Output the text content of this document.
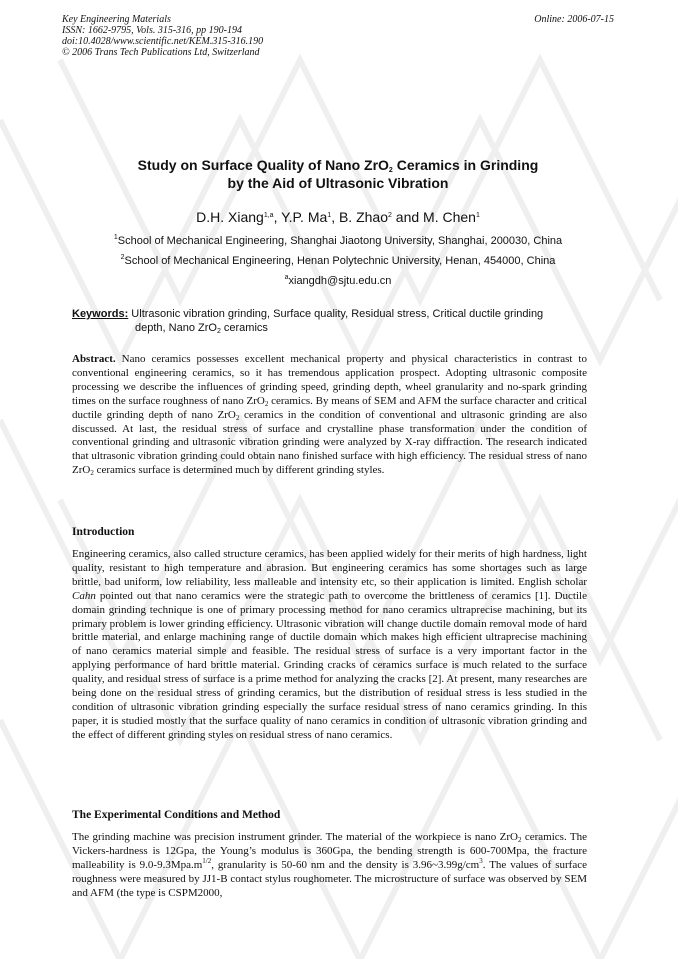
Key Engineering Materials
ISSN: 1662-9795, Vols. 315-316, pp 190-194
doi:10.4028/www.scientific.net/KEM.315-316.190
© 2006 Trans Tech Publications Ltd, Switzerland
Online: 2006-07-15
Study on Surface Quality of Nano ZrO$_2$ Ceramics in Grinding
by the Aid of Ultrasonic Vibration
D.H. Xiang$^{1,a}$, Y.P. Ma$^1$, B. Zhao$^2$ and M. Chen$^1$
$^1$School of Mechanical Engineering, Shanghai Jiaotong University, Shanghai, 200030, China
$^2$School of Mechanical Engineering, Henan Polytechnic University, Henan, 454000, China
$^a$xiangdh@sjtu.edu.cn
Keywords: Ultrasonic vibration grinding, Surface quality, Residual stress, Critical ductile grinding
depth, Nano ZrO$_2$ ceramics
Abstract. Nano ceramics possesses excellent mechanical property and physical characteristics in contrast to conventional engineering ceramics, so it has tremendous application prospect. Adopting ultrasonic composite processing we describe the influences of grinding speed, grinding depth, wheel granularity and no-spark grinding times on the surface roughness of nano ZrO$_2$ ceramics. By means of SEM and AFM the surface character and critical ductile grinding depth of nano ZrO$_2$ ceramics in the condition of conventional and ultrasonic grinding are also discussed. At last, the residual stress of surface and crystalline phase transformation under the condition of conventional grinding and ultrasonic vibration grinding were analyzed by X-ray diffraction. The research indicated that ultrasonic vibration grinding could obtain nano finished surface with high efficiency. The residual stress of nano ZrO$_2$ ceramics surface is determined much by different grinding styles.
Introduction
Engineering ceramics, also called structure ceramics, has been applied widely for their merits of high hardness, light quality, resistant to high temperature and abrasion. But engineering ceramics has some shortages such as large brittle, bad uniform, low reliability, less malleable and intensity etc, so their application is limited. English scholar Cahn pointed out that nano ceramics were the strategic path to overcome the brittleness of ceramics [1]. Ductile domain grinding technique is one of primary processing method for nano ceramics ultraprecise machining, but its primary problem is lower grinding efficiency. Ultrasonic vibration will change ductile domain removal mode of hard brittle material, and enlarge machining range of ductile domain which makes high efficient ultraprecise machining of nano ceramics material simple and feasible. The residual stress of surface is a very important factor in the applying performance of hard brittle material. Grinding cracks of ceramics surface is much related to the surface quality, and residual stress of surface is a prime method for analyzing the cracks [2]. At present, many researches are being done on the residual stress of grinding ceramics, but the distribution of residual stress is less studied in the condition of ultrasonic vibration grinding especially the surface residual stress of nano ceramics grinding. In this paper, it is studied mostly that the surface quality of nano ceramics in condition of ultrasonic vibration grinding and the effect of different grinding styles on residual stress of nano ceramics.
The Experimental Conditions and Method
The grinding machine was precision instrument grinder. The material of the workpiece is nano ZrO$_2$ ceramics. The Vickers-hardness is 12Gpa, the Young’s modulus is 360Gpa, the bending strength is 600-700Mpa, the fracture malleability is $9.0-9.3Mpa.m^{1/2}$, granularity is 50-60 nm and the density is $3.96\sim 3.99g/cm^3$. The values of surface roughness were measured by JJ1-B contact stylus roughometer. The microstructure of surface was observed by SEM and AFM (the type is CSPM2000,
